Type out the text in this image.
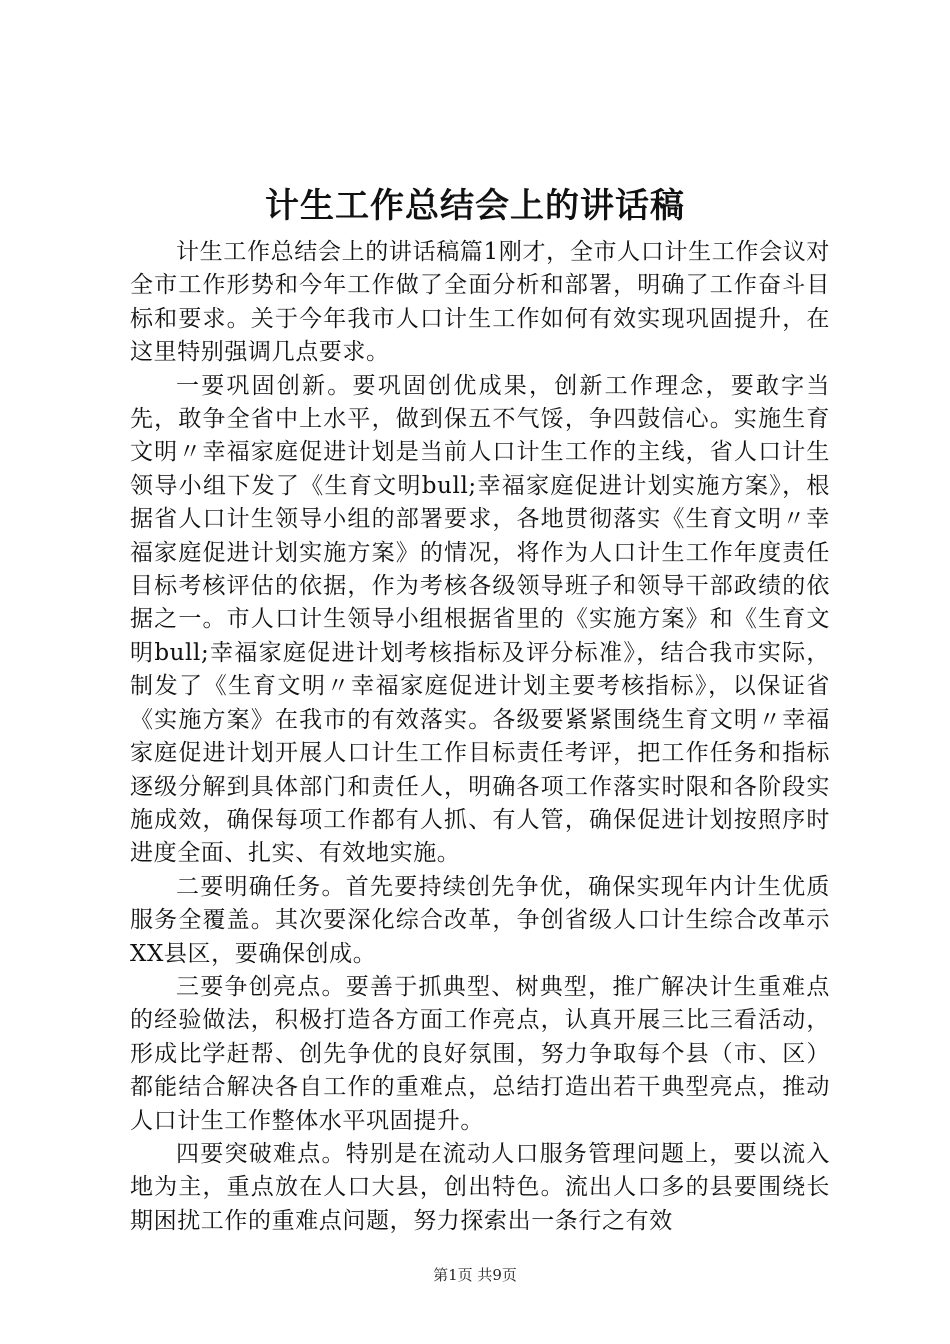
计生工作总结会上的讲话稿

计生工作总结会上的讲话稿篇1刚才，全市人口计生工作会议对全市工作形势和今年工作做了全面分析和部署，明确了工作奋斗目标和要求。关于今年我市人口计生工作如何有效实现巩固提升，在这里特别强调几点要求。

一要巩固创新。要巩固创优成果，创新工作理念，要敢字当先，敢争全省中上水平，做到保五不气馁，争四鼓信心。实施生育文明〃幸福家庭促进计划是当前人口计生工作的主线，省人口计生领导小组下发了《生育文明bull;幸福家庭促进计划实施方案》，根据省人口计生领导小组的部署要求，各地贯彻落实《生育文明〃幸福家庭促进计划实施方案》的情况，将作为人口计生工作年度责任目标考核评估的依据，作为考核各级领导班子和领导干部政绩的依据之一。市人口计生领导小组根据省里的《实施方案》和《生育文明bull;幸福家庭促进计划考核指标及评分标准》，结合我市实际，制发了《生育文明〃幸福家庭促进计划主要考核指标》，以保证省《实施方案》在我市的有效落实。各级要紧紧围绕生育文明〃幸福家庭促进计划开展人口计生工作目标责任考评，把工作任务和指标逐级分解到具体部门和责任人，明确各项工作落实时限和各阶段实施成效，确保每项工作都有人抓、有人管，确保促进计划按照序时进度全面、扎实、有效地实施。

二要明确任务。首先要持续创先争优，确保实现年内计生优质服务全覆盖。其次要深化综合改革，争创省级人口计生综合改革示XX县区，要确保创成。

三要争创亮点。要善于抓典型、树典型，推广解决计生重难点的经验做法，积极打造各方面工作亮点，认真开展三比三看活动，形成比学赶帮、创先争优的良好氛围，努力争取每个县（市、区）都能结合解决各自工作的重难点，总结打造出若干典型亮点，推动人口计生工作整体水平巩固提升。

四要突破难点。特别是在流动人口服务管理问题上，要以流入地为主，重点放在人口大县，创出特色。流出人口多的县要围绕长期困扰工作的重难点问题，努力探索出一条行之有效

第1页 共9页
